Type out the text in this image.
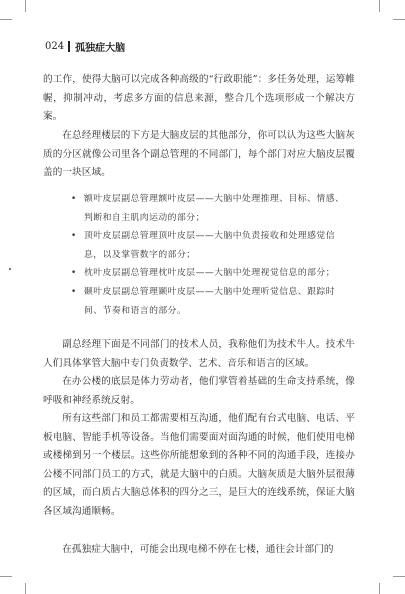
024 孤独症大脑

的工作，使得大脑可以完成各种高级的“行政职能”：多任务处理，运筹帷幄，抑制冲动，考虑多方面的信息来源，整合几个选项形成一个解决方案。

在总经理楼层的下方是大脑皮层的其他部分，你可以认为这些大脑灰质的分区就像公司里各个副总管理的不同部门，每个部门对应大脑皮层覆盖的一块区域。

• 额叶皮层副总管理额叶皮层——大脑中处理推理、目标、情感、判断和自主肌肉运动的部分；
• 顶叶皮层副总管理顶叶皮层——大脑中负责接收和处理感觉信息，以及掌管数字的部分；
• 枕叶皮层副总管理枕叶皮层——大脑中处理视觉信息的部分；
• 颞叶皮层副总管理颞叶皮层——大脑中处理听觉信息、跟踪时间、节奏和语言的部分。

副总经理下面是不同部门的技术人员，我称他们为技术牛人。技术牛人们具体掌管大脑中专门负责数学、艺术、音乐和语言的区域。

在办公楼的底层是体力劳动者，他们掌管着基础的生命支持系统，像呼吸和神经系统反射。

所有这些部门和员工都需要相互沟通，他们配有台式电脑、电话、平板电脑、智能手机等设备。当他们需要面对面沟通的时候，他们使用电梯或楼梯到另一个楼层。这些你所能想象到的各种不同的沟通手段，连接办公楼不同部门员工的方式，就是大脑中的白质。大脑灰质是大脑外层很薄的区域，而白质占大脑总体积的四分之三，是巨大的连线系统，保证大脑各区域沟通顺畅。

在孤独症大脑中，可能会出现电梯不停在七楼，通往会计部门的
